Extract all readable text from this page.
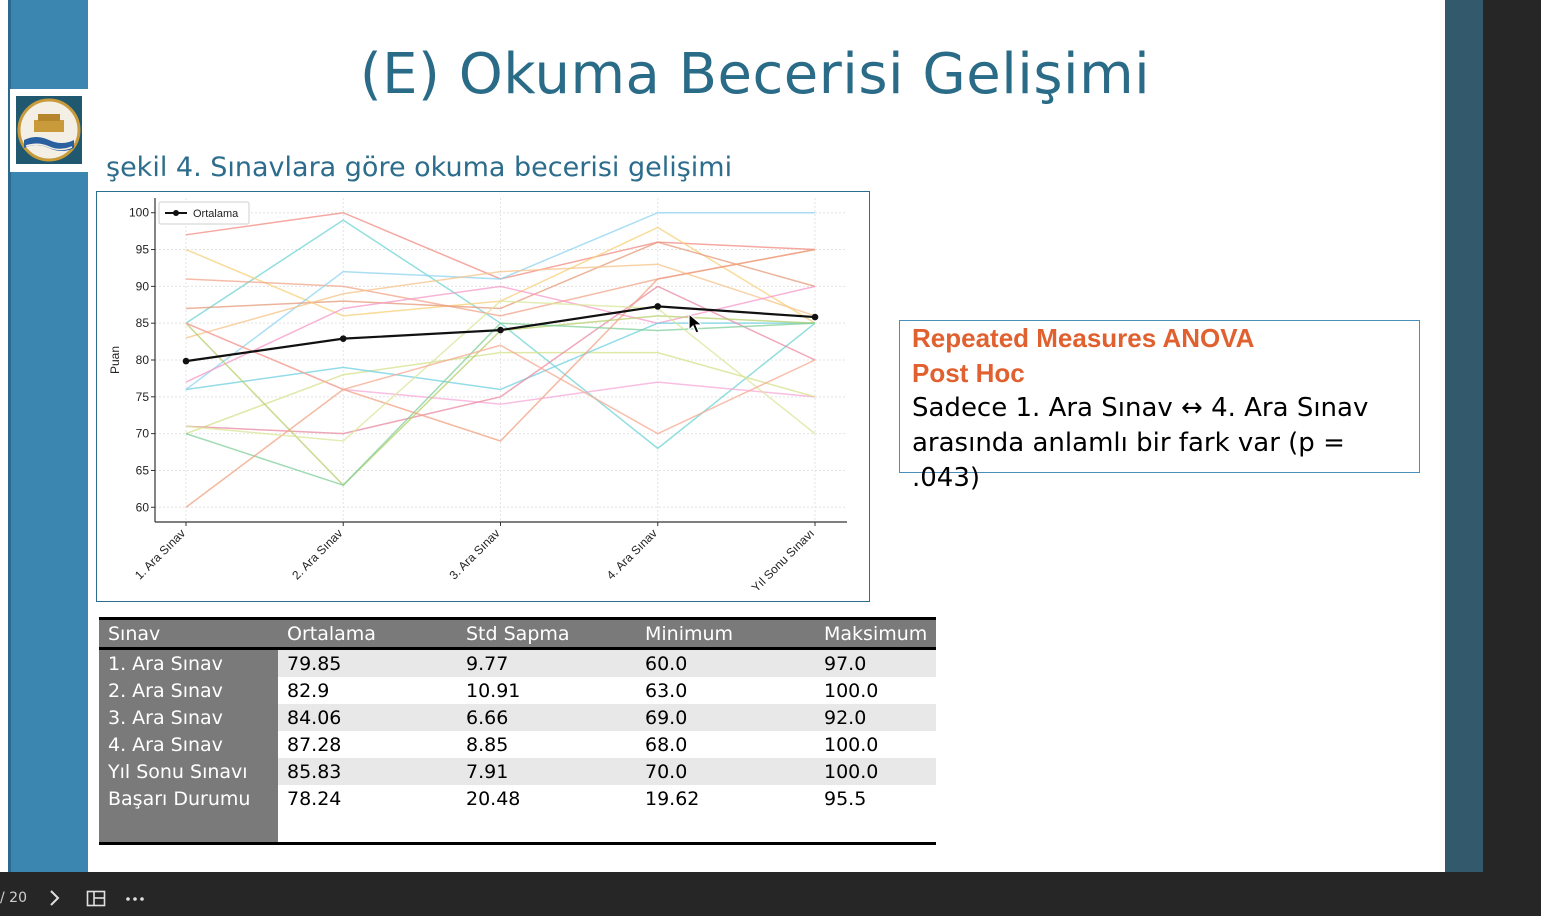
(E) Okuma Becerisi Gelişimi
şekil 4. Sınavlara göre okuma becerisi gelişimi
60
65
70
75
80
85
90
95
100
1. Ara Sınav	2. Ara Sınav	3. Ara Sınav	4. Ara Sınav	Yıl Sonu Sınavı
Puan
Ortalama
Repeated Measures ANOVA
Post Hoc
Sadece 1. Ara Sınav ↔ 4. Ara Sınav arasında anlamlı bir fark var (p = .043)
Sınav	Ortalama	Std Sapma	Minimum	Maksimum
1. Ara Sınav	79.85	9.77	60.0	97.0
2. Ara Sınav	82.9	10.91	63.0	100.0
3. Ara Sınav	84.06	6.66	69.0	92.0
4. Ara Sınav	87.28	8.85	68.0	100.0
Yıl Sonu Sınavı	85.83	7.91	70.0	100.0
Başarı Durumu	78.24	20.48	19.62	95.5
/ 20
